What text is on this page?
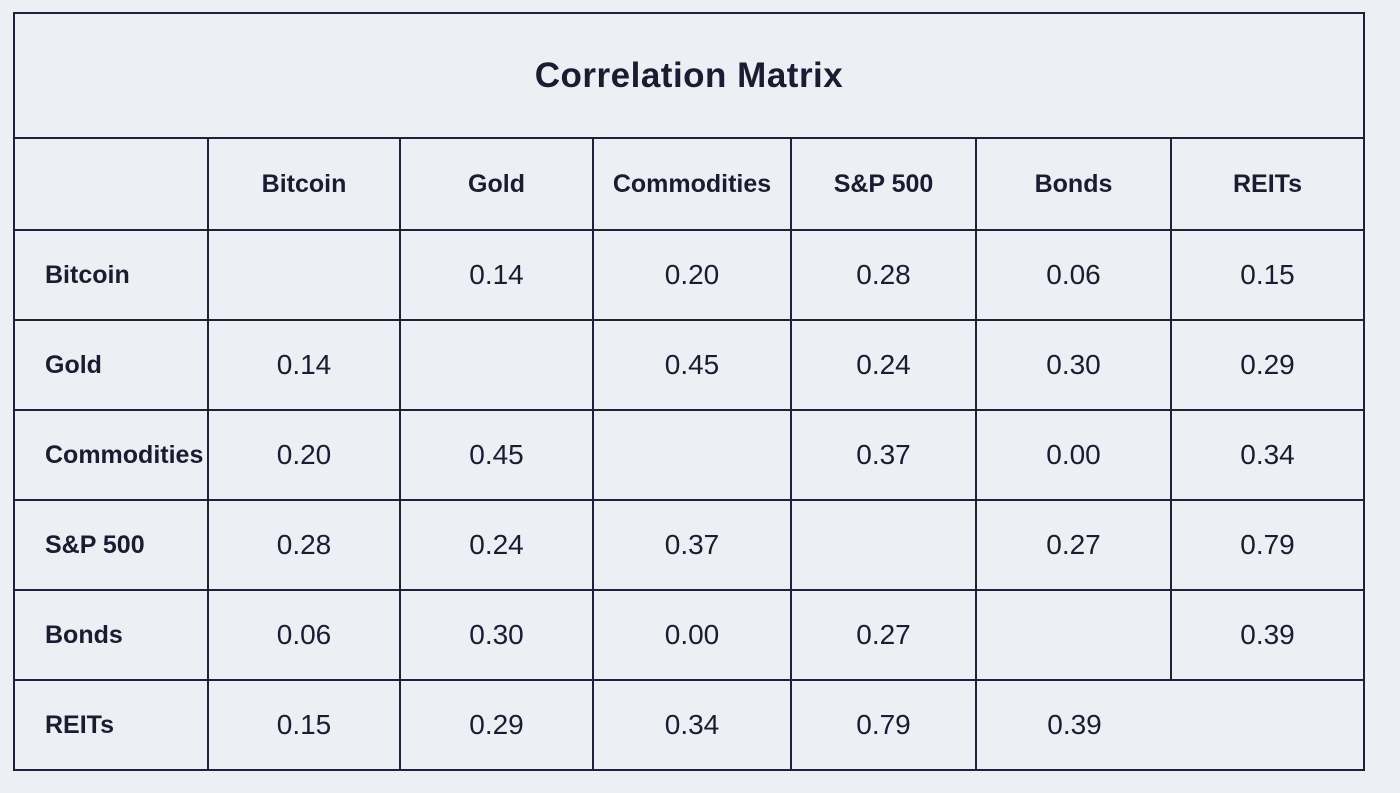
Correlation Matrix						
	Bitcoin	Gold	Commodities	S&P 500	Bonds	REITs
Bitcoin		0.14	0.20	0.28	0.06	0.15
Gold	0.14		0.45	0.24	0.30	0.29
Commodities	0.20	0.45		0.37	0.00	0.34
S&P 500	0.28	0.24	0.37		0.27	0.79
Bonds	0.06	0.30	0.00	0.27		0.39
REITs	0.15	0.29	0.34	0.79	0.39	
